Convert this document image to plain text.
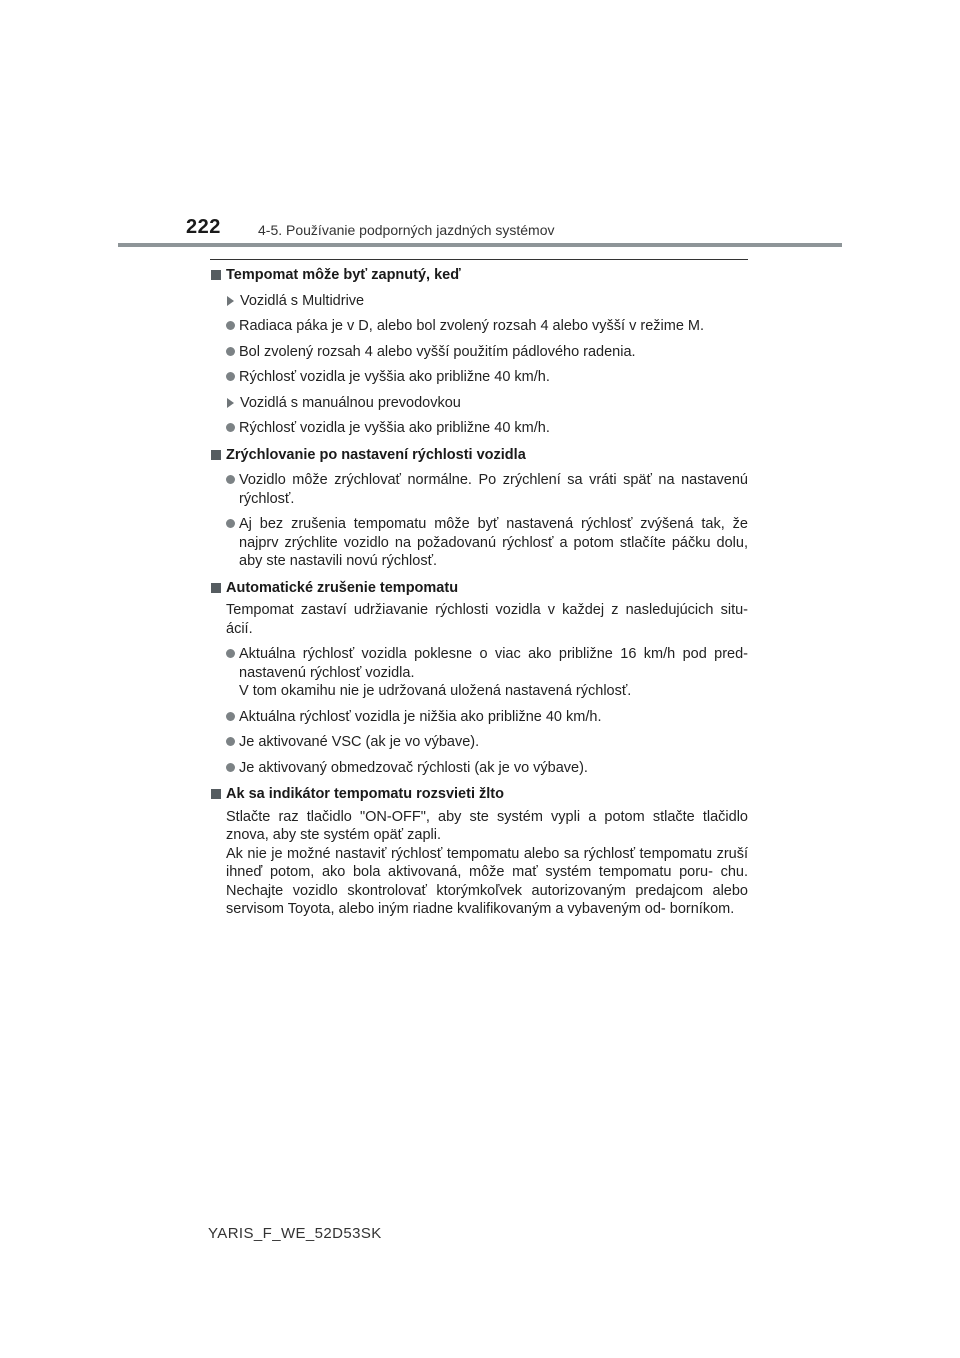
222	4-5. Používanie podporných jazdných systémov
Tempomat môže byť zapnutý, keď
Vozidlá s Multidrive
Radiaca páka je v D, alebo bol zvolený rozsah 4 alebo vyšší v režime M.
Bol zvolený rozsah 4 alebo vyšší použitím pádlového radenia.
Rýchlosť vozidla je vyššia ako približne 40 km/h.
Vozidlá s manuálnou prevodovkou
Rýchlosť vozidla je vyššia ako približne 40 km/h.
Zrýchlovanie po nastavení rýchlosti vozidla
Vozidlo môže zrýchlovať normálne. Po zrýchlení sa vráti späť na nastavenú rýchlosť.
Aj bez zrušenia tempomatu môže byť nastavená rýchlosť zvýšená tak, že najprv zrýchlite vozidlo na požadovanú rýchlosť a potom stlačíte páčku dolu, aby ste nastavili novú rýchlosť.
Automatické zrušenie tempomatu
Tempomat zastaví udržiavanie rýchlosti vozidla v každej z nasledujúcich situ- ácií.
Aktuálna rýchlosť vozidla poklesne o viac ako približne 16 km/h pod pred- nastavenú rýchlosť vozidla.
V tom okamihu nie je udržovaná uložená nastavená rýchlosť.
Aktuálna rýchlosť vozidla je nižšia ako približne 40 km/h.
Je aktivované VSC (ak je vo výbave).
Je aktivovaný obmedzovač rýchlosti (ak je vo výbave).
Ak sa indikátor tempomatu rozsvieti žlto
Stlačte raz tlačidlo "ON-OFF", aby ste systém vypli a potom stlačte tlačidlo znova, aby ste systém opäť zapli.
Ak nie je možné nastaviť rýchlosť tempomatu alebo sa rýchlosť tempomatu zruší ihneď potom, ako bola aktivovaná, môže mať systém tempomatu poru- chu. Nechajte vozidlo skontrolovať ktorýmkoľvek autorizovaným predajcom alebo servisom Toyota, alebo iným riadne kvalifikovaným a vybaveným od- borníkom.
YARIS_F_WE_52D53SK
